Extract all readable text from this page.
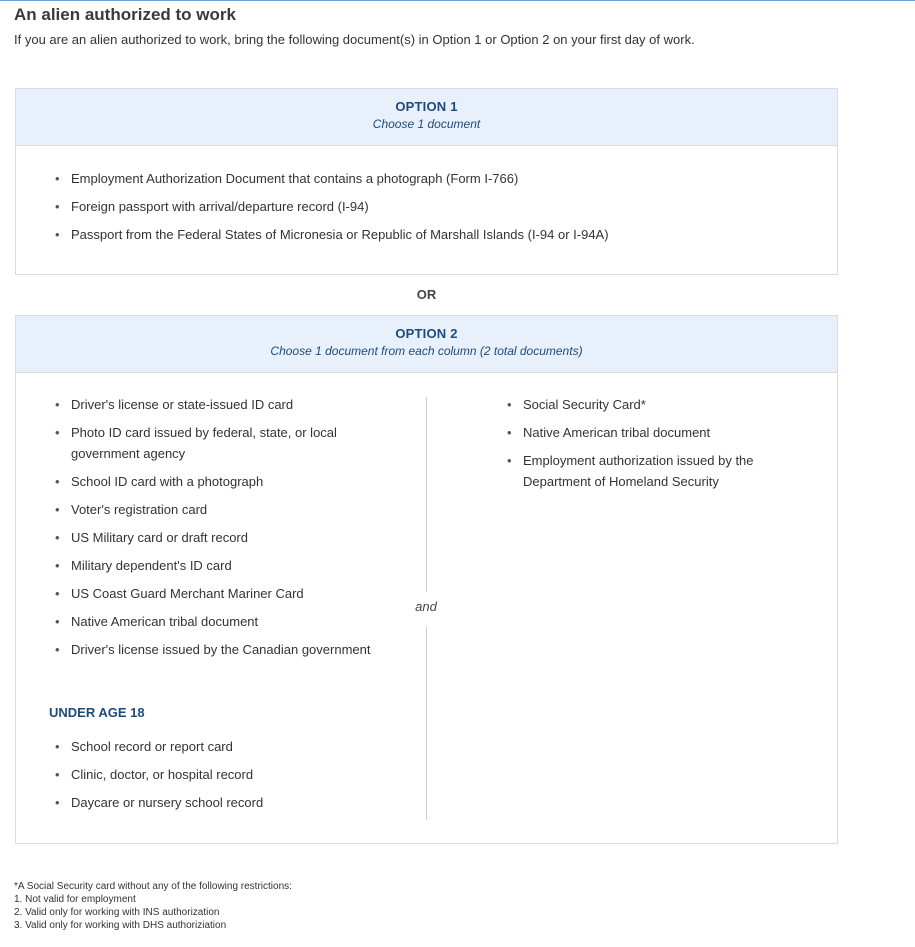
An alien authorized to work

If you are an alien authorized to work, bring the following document(s) in Option 1 or Option 2 on your first day of work.

OPTION 1
Choose 1 document
• Employment Authorization Document that contains a photograph (Form I-766)
• Foreign passport with arrival/departure record (I-94)
• Passport from the Federal States of Micronesia or Republic of Marshall Islands (I-94 or I-94A)
OR
OPTION 2
Choose 1 document from each column (2 total documents)
• Driver's license or state-issued ID card
• Photo ID card issued by federal, state, or local government agency
• School ID card with a photograph
• Voter's registration card
• US Military card or draft record
• Military dependent's ID card
• US Coast Guard Merchant Mariner Card
• Native American tribal document
• Driver's license issued by the Canadian government
UNDER AGE 18
• School record or report card
• Clinic, doctor, or hospital record
• Daycare or nursery school record
and
• Social Security Card*
• Native American tribal document
• Employment authorization issued by the Department of Homeland Security
*A Social Security card without any of the following restrictions:
1. Not valid for employment
2. Valid only for working with INS authorization
3. Valid only for working with DHS authoriziation
